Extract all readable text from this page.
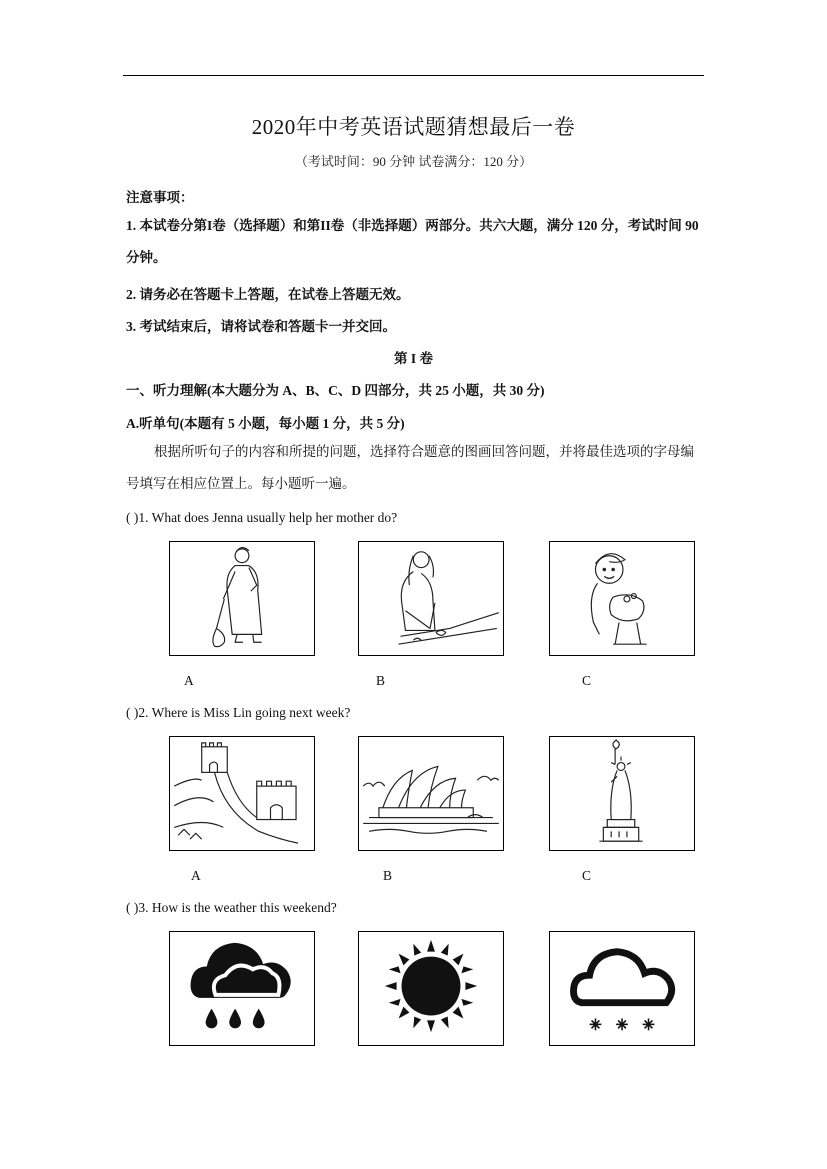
2020年中考英语试题猜想最后一卷
（考试时间：90 分钟 试卷满分：120 分）
注意事项：
1. 本试卷分第I卷（选择题）和第II卷（非选择题）两部分。共六大题，满分 120 分，考试时间 90 分钟。
2. 请务必在答题卡上答题，在试卷上答题无效。
3. 考试结束后，请将试卷和答题卡一并交回。
第 I 卷
一、听力理解(本大题分为 A、B、C、D 四部分，共 25 小题，共 30 分)
A.听单句(本题有 5 小题，每小题 1 分，共 5 分)
根据所听句子的内容和所提的问题，选择符合题意的图画回答问题，并将最佳选项的字母编号填写在相应位置上。每小题听一遍。
( )1. What does Jenna usually help her mother do?
A	B	C
( )2. Where is Miss Lin going next week?
A	B	C
( )3. How is the weather this weekend?
